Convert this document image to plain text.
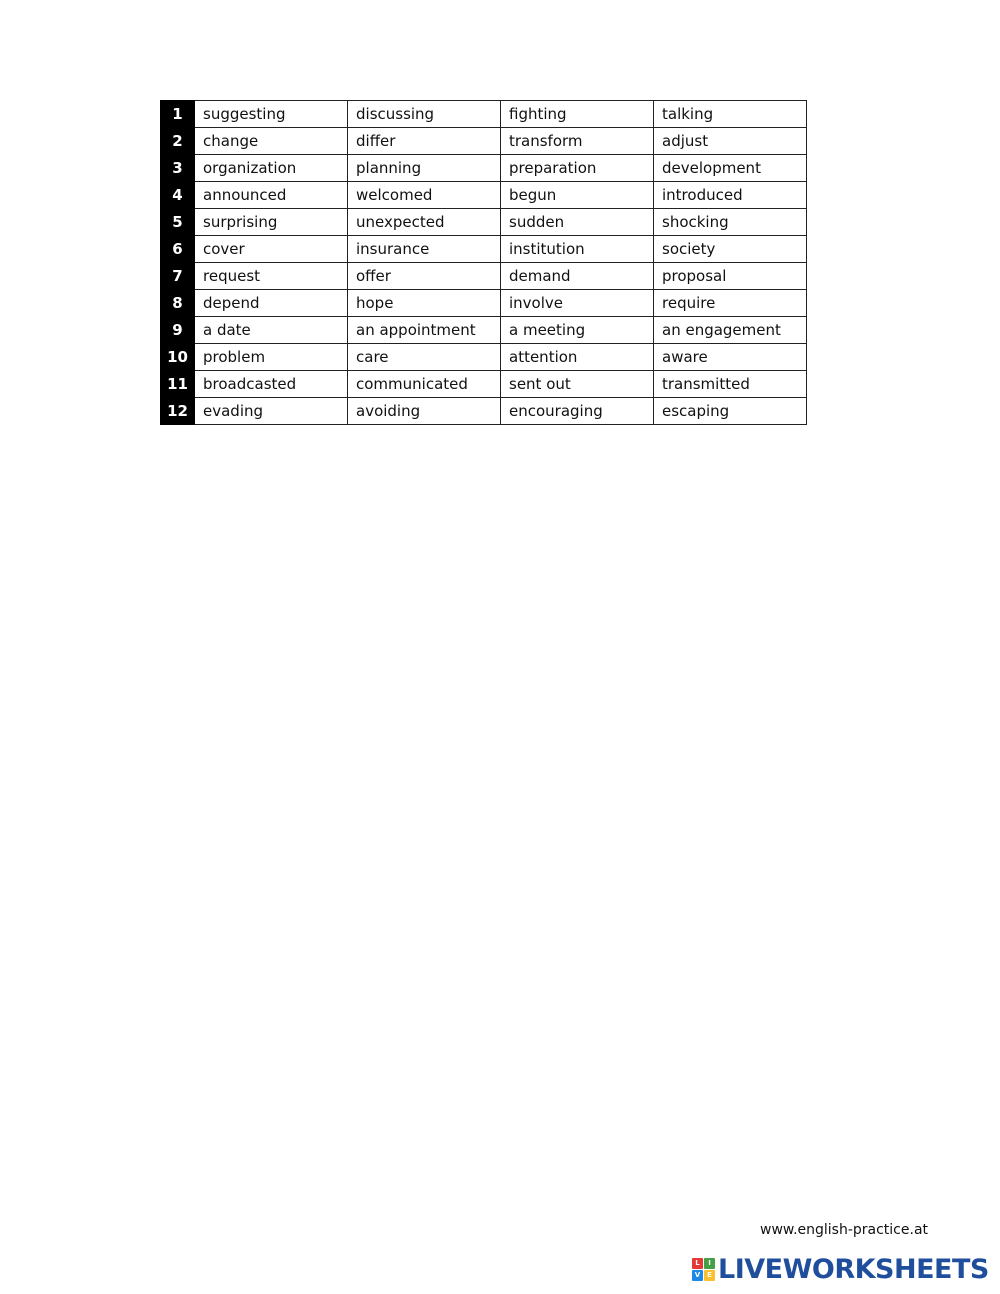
1	suggesting	discussing	fighting	talking
2	change	differ	transform	adjust
3	organization	planning	preparation	development
4	announced	welcomed	begun	introduced
5	surprising	unexpected	sudden	shocking
6	cover	insurance	institution	society
7	request	offer	demand	proposal
8	depend	hope	involve	require
9	a date	an appointment	a meeting	an engagement
10	problem	care	attention	aware
11	broadcasted	communicated	sent out	transmitted
12	evading	avoiding	encouraging	escaping
www.english-practice.at
L	I
V E LIVEWORKSHEETS
